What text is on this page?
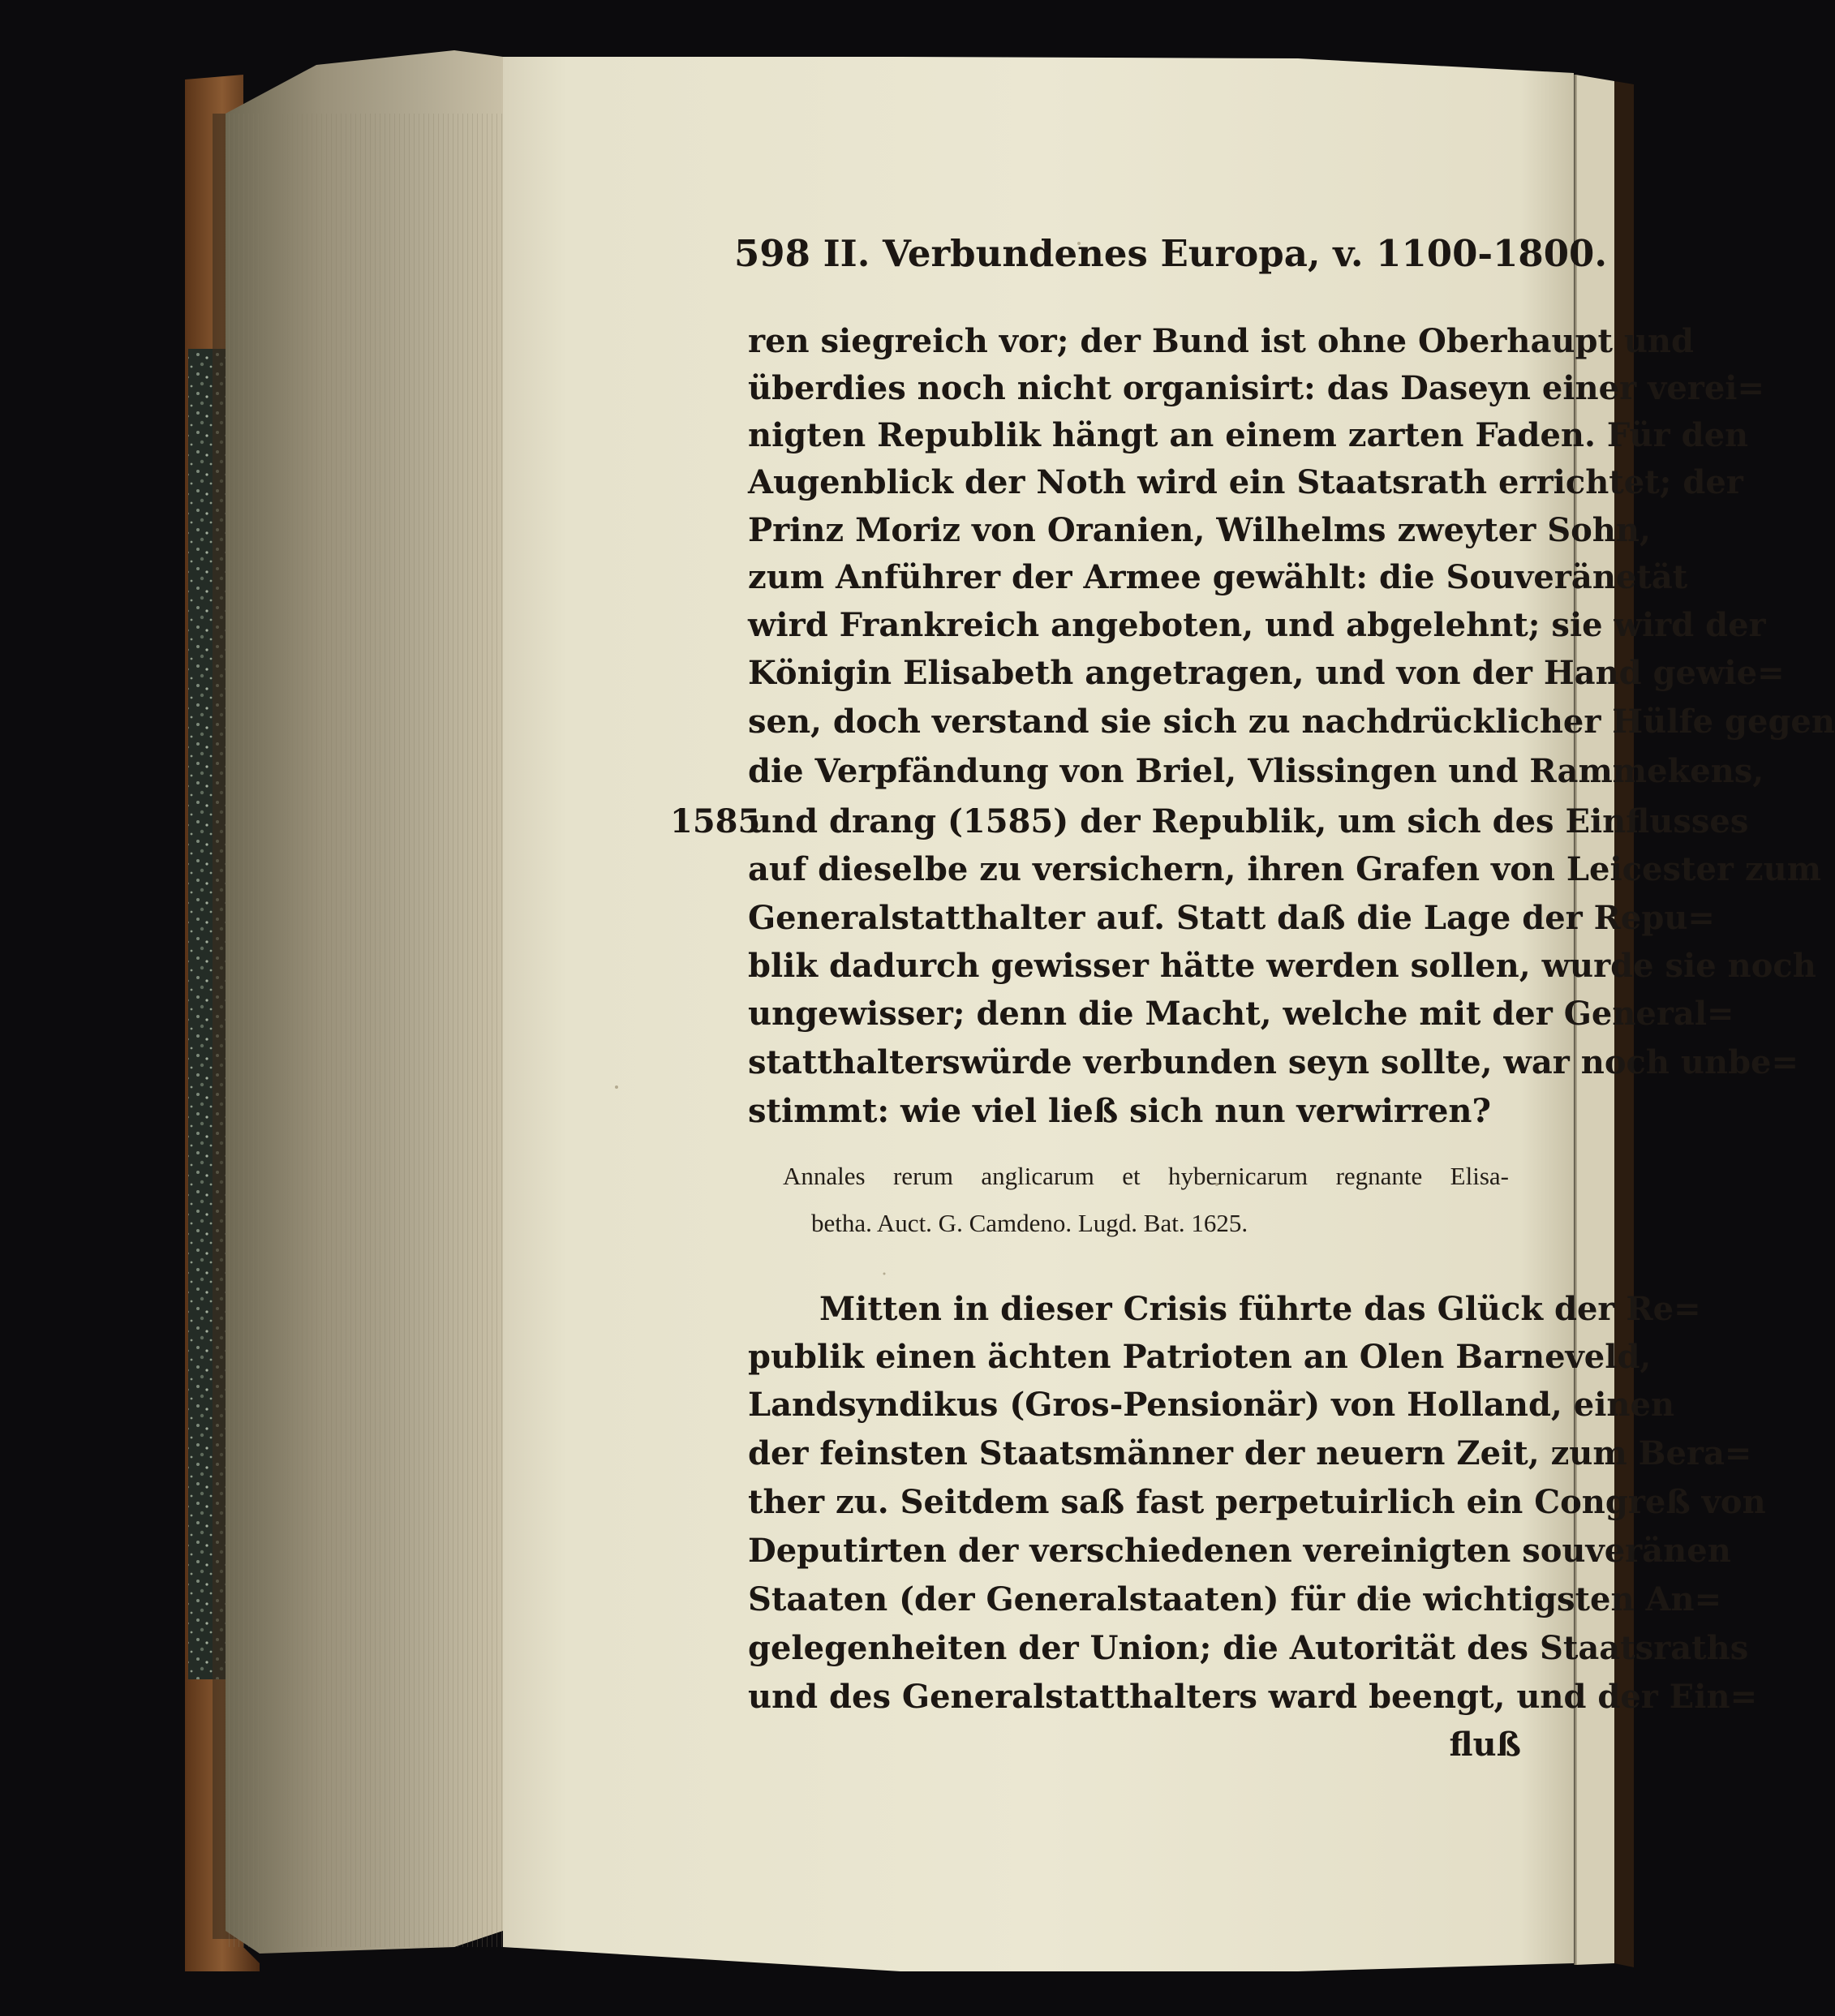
598 II. Verbundenes Europa, v. 1100-1800.
1585
ren siegreich vor; der Bund ist ohne Oberhaupt und
überdies noch nicht organisirt: das Daseyn einer verei=
nigten Republik hängt an einem zarten Faden. Für den
Augenblick der Noth wird ein Staatsrath errichtet; der
Prinz Moriz von Oranien, Wilhelms zweyter Sohn,
zum Anführer der Armee gewählt: die Souveränetät
wird Frankreich angeboten, und abgelehnt; sie wird der
Königin Elisabeth angetragen, und von der Hand gewie=
sen, doch verstand sie sich zu nachdrücklicher Hülfe gegen
die Verpfändung von Briel, Vlissingen und Rammekens,
und drang (1585) der Republik, um sich des Einflusses
auf dieselbe zu versichern, ihren Grafen von Leicester zum
Generalstatthalter auf. Statt daß die Lage der Repu=
blik dadurch gewisser hätte werden sollen, wurde sie noch
ungewisser; denn die Macht, welche mit der General=
statthalterswürde verbunden seyn sollte, war noch unbe=
stimmt: wie viel ließ sich nun verwirren?
Annales rerum anglicarum et hybernicarum regnante Elisa-
betha. Auct. G. Camdeno. Lugd. Bat. 1625.
Mitten in dieser Crisis führte das Glück der Re=
publik einen ächten Patrioten an Olen Barneveld,
Landsyndikus (Gros-Pensionär) von Holland, einen
der feinsten Staatsmänner der neuern Zeit, zum Bera=
ther zu. Seitdem saß fast perpetuirlich ein Congreß von
Deputirten der verschiedenen vereinigten souveränen
Staaten (der Generalstaaten) für die wichtigsten An=
gelegenheiten der Union; die Autorität des Staatsraths
und des Generalstatthalters ward beengt, und der Ein=
fluß
